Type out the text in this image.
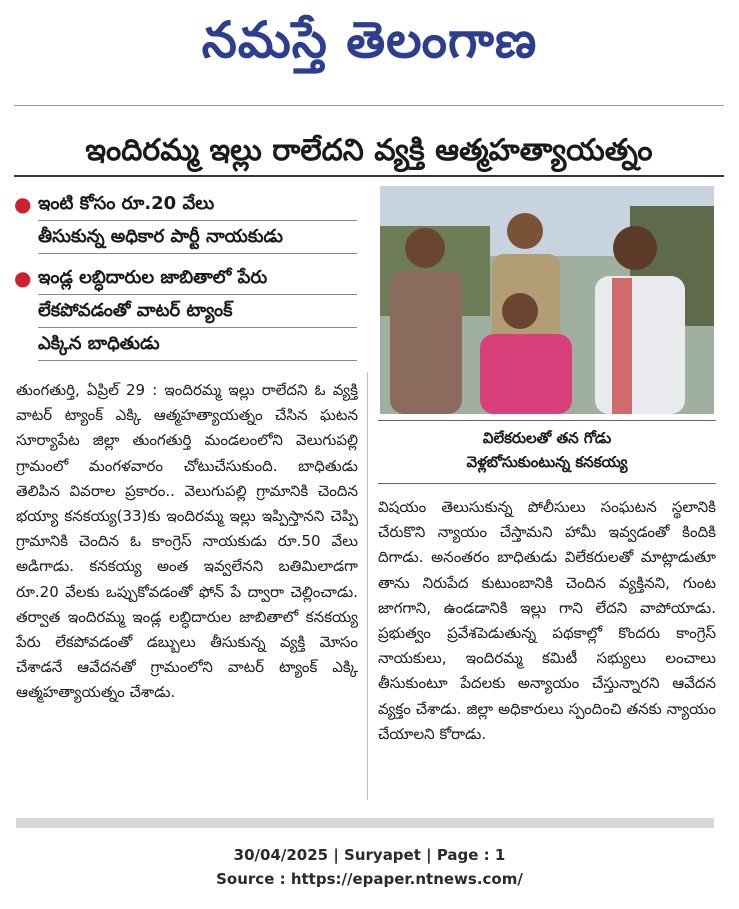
నమస్తే తెలంగాణ
ఇందిరమ్మ ఇల్లు రాలేదని వ్యక్తి ఆత్మహత్యాయత్నం
● ఇంటి కోసం రూ.20 వేలు
తీసుకున్న అధికార పార్టీ నాయకుడు
● ఇండ్ల లబ్ధిదారుల జాబితాలో పేరు
లేకపోవడంతో వాటర్ ట్యాంక్
ఎక్కిన బాధితుడు
విలేకరులతో తన గోడు
వెళ్లబోసుకుంటున్న కనకయ్య

తుంగతుర్తి, ఏప్రిల్ 29 : ఇందిరమ్మ ఇల్లు రాలేదని ఓ వ్యక్తి వాటర్ ట్యాంక్ ఎక్కి ఆత్మహత్యాయత్నం చేసిన ఘటన సూర్యాపేట జిల్లా తుంగతుర్తి మండలంలోని వెలుగుపల్లి గ్రామంలో మంగళవారం చోటుచేసుకుంది. బాధితుడు తెలిపిన వివరాల ప్రకారం.. వెలుగుపల్లి గ్రామానికి చెందిన భయ్యా కనకయ్య(33)కు ఇందిరమ్మ ఇల్లు ఇప్పిస్తానని చెప్పి గ్రామానికి చెందిన ఓ కాంగ్రెస్ నాయకుడు రూ.50 వేలు అడిగాడు. కనకయ్య అంత ఇవ్వలేనని బతిమిలాడగా రూ.20 వేలకు ఒప్పుకోవడంతో ఫోన్ పే ద్వారా చెల్లించాడు. తర్వాత ఇందిరమ్మ ఇండ్ల లబ్ధిదారుల జాబితాలో కనకయ్య పేరు లేకపోవడంతో డబ్బులు తీసుకున్న వ్యక్తి మోసం చేశాడనే ఆవేదనతో గ్రామంలోని వాటర్ ట్యాంక్ ఎక్కి ఆత్మహత్యాయత్నం చేశాడు.

విషయం తెలుసుకున్న పోలీసులు సంఘటన స్థలానికి చేరుకొని న్యాయం చేస్తామని హామీ ఇవ్వడంతో కిందికి దిగాడు. అనంతరం బాధితుడు విలేకరులతో మాట్లాడుతూ తాను నిరుపేద కుటుంబానికి చెందిన వ్యక్తినని, గుంట జాగగాని, ఉండడానికి ఇల్లు గాని లేదని వాపోయాడు. ప్రభుత్వం ప్రవేశపెడుతున్న పథకాల్లో కొందరు కాంగ్రెస్ నాయకులు, ఇందిరమ్మ కమిటీ సభ్యులు లంచాలు తీసుకుంటూ పేదలకు అన్యాయం చేస్తున్నారని ఆవేదన వ్యక్తం చేశాడు. జిల్లా అధికారులు స్పందించి తనకు న్యాయం చేయాలని కోరాడు.

30/04/2025 | Suryapet | Page : 1
Source : https://epaper.ntnews.com/
